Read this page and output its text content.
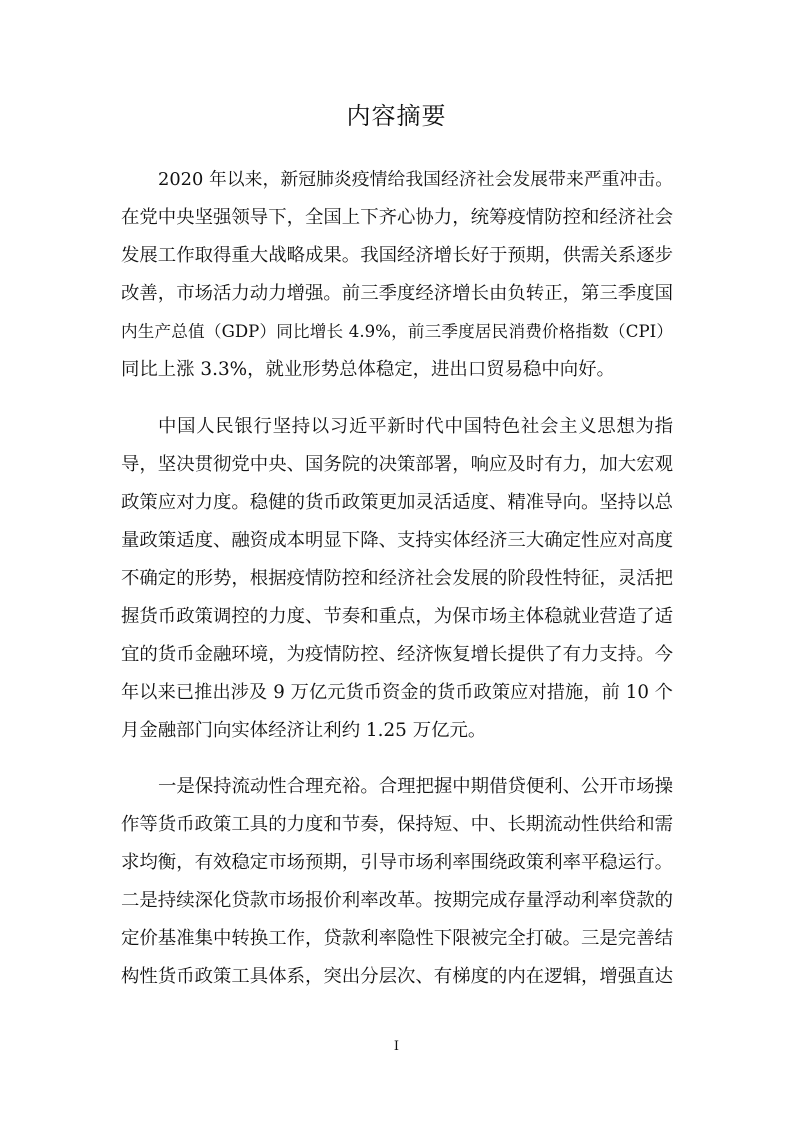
内容摘要
2020 年以来，新冠肺炎疫情给我国经济社会发展带来严重冲击。
在党中央坚强领导下，全国上下齐心协力，统筹疫情防控和经济社会
发展工作取得重大战略成果。我国经济增长好于预期，供需关系逐步
改善，市场活力动力增强。前三季度经济增长由负转正，第三季度国
内生产总值（GDP）同比增长 4.9%，前三季度居民消费价格指数（CPI）
同比上涨 3.3%，就业形势总体稳定，进出口贸易稳中向好。
中国人民银行坚持以习近平新时代中国特色社会主义思想为指
导，坚决贯彻党中央、国务院的决策部署，响应及时有力，加大宏观
政策应对力度。稳健的货币政策更加灵活适度、精准导向。坚持以总
量政策适度、融资成本明显下降、支持实体经济三大确定性应对高度
不确定的形势，根据疫情防控和经济社会发展的阶段性特征，灵活把
握货币政策调控的力度、节奏和重点，为保市场主体稳就业营造了适
宜的货币金融环境，为疫情防控、经济恢复增长提供了有力支持。今
年以来已推出涉及 9 万亿元货币资金的货币政策应对措施，前 10 个
月金融部门向实体经济让利约 1.25 万亿元。
一是保持流动性合理充裕。合理把握中期借贷便利、公开市场操
作等货币政策工具的力度和节奏，保持短、中、长期流动性供给和需
求均衡，有效稳定市场预期，引导市场利率围绕政策利率平稳运行。
二是持续深化贷款市场报价利率改革。按期完成存量浮动利率贷款的
定价基准集中转换工作，贷款利率隐性下限被完全打破。三是完善结
构性货币政策工具体系，突出分层次、有梯度的内在逻辑，增强直达
I
